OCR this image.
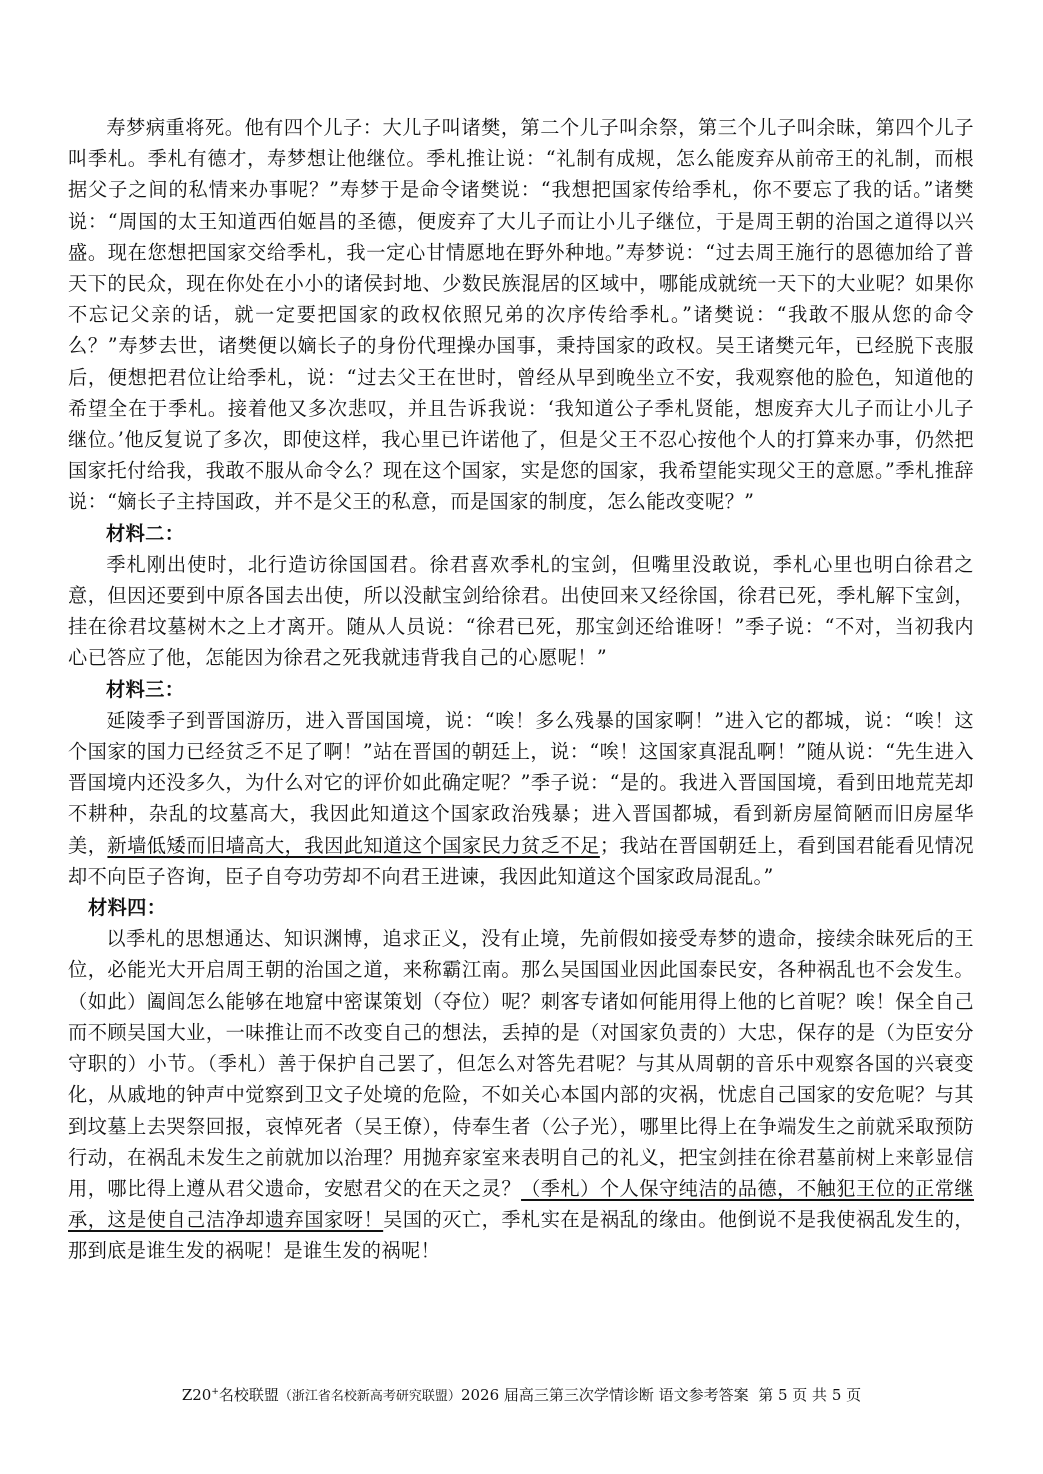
寿梦病重将死。他有四个儿子：大儿子叫诸樊，第二个儿子叫余祭，第三个儿子叫余昧，第四个儿子叫季札。季札有德才，寿梦想让他继位。季札推让说：“礼制有成规，怎么能废弃从前帝王的礼制，而根据父子之间的私情来办事呢？”寿梦于是命令诸樊说：“我想把国家传给季札，你不要忘了我的话。”诸樊说：“周国的太王知道西伯姬昌的圣德，便废弃了大儿子而让小儿子继位，于是周王朝的治国之道得以兴盛。现在您想把国家交给季札，我一定心甘情愿地在野外种地。”寿梦说：“过去周王施行的恩德加给了普天下的民众，现在你处在小小的诸侯封地、少数民族混居的区域中，哪能成就统一天下的大业呢？如果你不忘记父亲的话，就一定要把国家的政权依照兄弟的次序传给季札。”诸樊说：“我敢不服从您的命令么？”寿梦去世，诸樊便以嫡长子的身份代理操办国事，秉持国家的政权。吴王诸樊元年，已经脱下丧服后，便想把君位让给季札，说：“过去父王在世时，曾经从早到晚坐立不安，我观察他的脸色，知道他的希望全在于季札。接着他又多次悲叹，并且告诉我说：‘我知道公子季札贤能，想废弃大儿子而让小儿子继位。’他反复说了多次，即使这样，我心里已许诺他了，但是父王不忍心按他个人的打算来办事，仍然把国家托付给我，我敢不服从命令么？现在这个国家，实是您的国家，我希望能实现父王的意愿。”季札推辞说：“嫡长子主持国政，并不是父王的私意，而是国家的制度，怎么能改变呢？”

材料二：

季札刚出使时，北行造访徐国国君。徐君喜欢季札的宝剑，但嘴里没敢说，季札心里也明白徐君之意，但因还要到中原各国去出使，所以没献宝剑给徐君。出使回来又经徐国，徐君已死，季札解下宝剑，挂在徐君坟墓树木之上才离开。随从人员说：“徐君已死，那宝剑还给谁呀！”季子说：“不对，当初我内心已答应了他，怎能因为徐君之死我就违背我自己的心愿呢！”

材料三：

延陵季子到晋国游历，进入晋国国境，说：“唉！多么残暴的国家啊！”进入它的都城，说：“唉！这个国家的国力已经贫乏不足了啊！”站在晋国的朝廷上，说：“唉！这国家真混乱啊！”随从说：“先生进入晋国境内还没多久，为什么对它的评价如此确定呢？”季子说：“是的。我进入晋国国境，看到田地荒芜却不耕种，杂乱的坟墓高大，我因此知道这个国家政治残暴；进入晋国都城，看到新房屋简陋而旧房屋华美，新墙低矮而旧墙高大，我因此知道这个国家民力贫乏不足；我站在晋国朝廷上，看到国君能看见情况却不向臣子咨询，臣子自夸功劳却不向君王进谏，我因此知道这个国家政局混乱。”

材料四：

以季札的思想通达、知识渊博，追求正义，没有止境，先前假如接受寿梦的遗命，接续余昧死后的王位，必能光大开启周王朝的治国之道，来称霸江南。那么吴国国业因此国泰民安，各种祸乱也不会发生。（如此）阖闾怎么能够在地窟中密谋策划（夺位）呢？刺客专诸如何能用得上他的匕首呢？唉！保全自己而不顾吴国大业，一味推让而不改变自己的想法，丢掉的是（对国家负责的）大忠，保存的是（为臣安分守职的）小节。（季札）善于保护自己罢了，但怎么对答先君呢？与其从周朝的音乐中观察各国的兴衰变化，从戚地的钟声中觉察到卫文子处境的危险，不如关心本国内部的灾祸，忧虑自己国家的安危呢？与其到坟墓上去哭祭回报，哀悼死者（吴王僚），侍奉生者（公子光），哪里比得上在争端发生之前就采取预防行动，在祸乱未发生之前就加以治理？用抛弃家室来表明自己的礼义，把宝剑挂在徐君墓前树上来彰显信用，哪比得上遵从君父遗命，安慰君父的在天之灵？（季札）个人保守纯洁的品德，不触犯王位的正常继承，这是使自己洁净却遗弃国家呀！吴国的灭亡，季札实在是祸乱的缘由。他倒说不是我使祸乱发生的，那到底是谁生发的祸呢！是谁生发的祸呢！

Z20+名校联盟（浙江省名校新高考研究联盟）2026 届高三第三次学情诊断 语文参考答案 第 5 页 共 5 页
